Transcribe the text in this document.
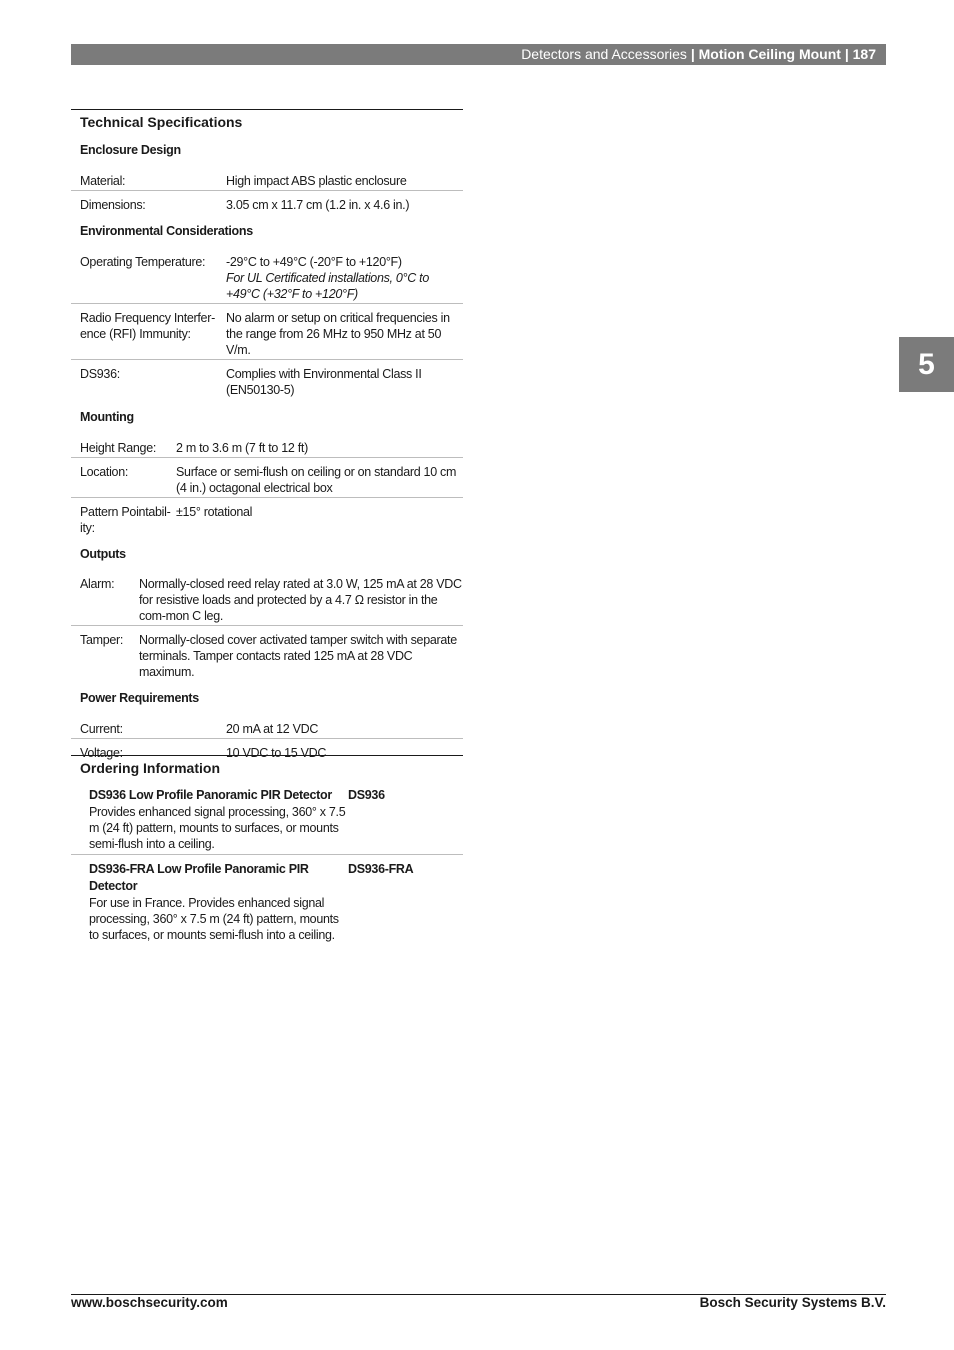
Detectors and Accessories | Motion Ceiling Mount | 187
5
Technical Specifications
Enclosure Design
Material:	High impact ABS plastic enclosure
Dimensions:	3.05 cm x 11.7 cm (1.2 in. x 4.6 in.)
Environmental Considerations
Operating Temperature:	-29°C to +49°C (-20°F to +120°F)
For UL Certificated installations, 0°C to +49°C (+32°F to +120°F)

Radio Frequency Interfer-ence (RFI) Immunity:	No alarm or setup on critical frequencies in the range from 26 MHz to 950 MHz at 50 V/m.
DS936:	Complies with Environmental Class II (EN50130-5)
Mounting
Height Range:	2 m to 3.6 m (7 ft to 12 ft)
Location:	Surface or semi-flush on ceiling or on standard 10 cm (4 in.) octagonal electrical box
Pattern Pointabil-ity:	±15° rotational
Outputs
Alarm:	Normally-closed reed relay rated at 3.0 W, 125 mA at 28 VDC for resistive loads and protected by a 4.7 Ω resistor in the com-mon C leg.
Tamper:	Normally-closed cover activated tamper switch with separate terminals. Tamper contacts rated 125 mA at 28 VDC maximum.
Power Requirements
Current:	20 mA at 12 VDC
Voltage:	10 VDC to 15 VDC
Ordering Information
DS936 Low Profile Panoramic PIR Detector
Provides enhanced signal processing, 360° x 7.5 m (24 ft) pattern, mounts to surfaces, or mounts semi-flush into a ceiling.	DS936

DS936-FRA Low Profile Panoramic PIR Detector
For use in France. Provides enhanced signal processing, 360° x 7.5 m (24 ft) pattern, mounts to surfaces, or mounts semi-flush into a ceiling.	DS936-FRA
www.boschsecurity.com	Bosch Security Systems B.V.
